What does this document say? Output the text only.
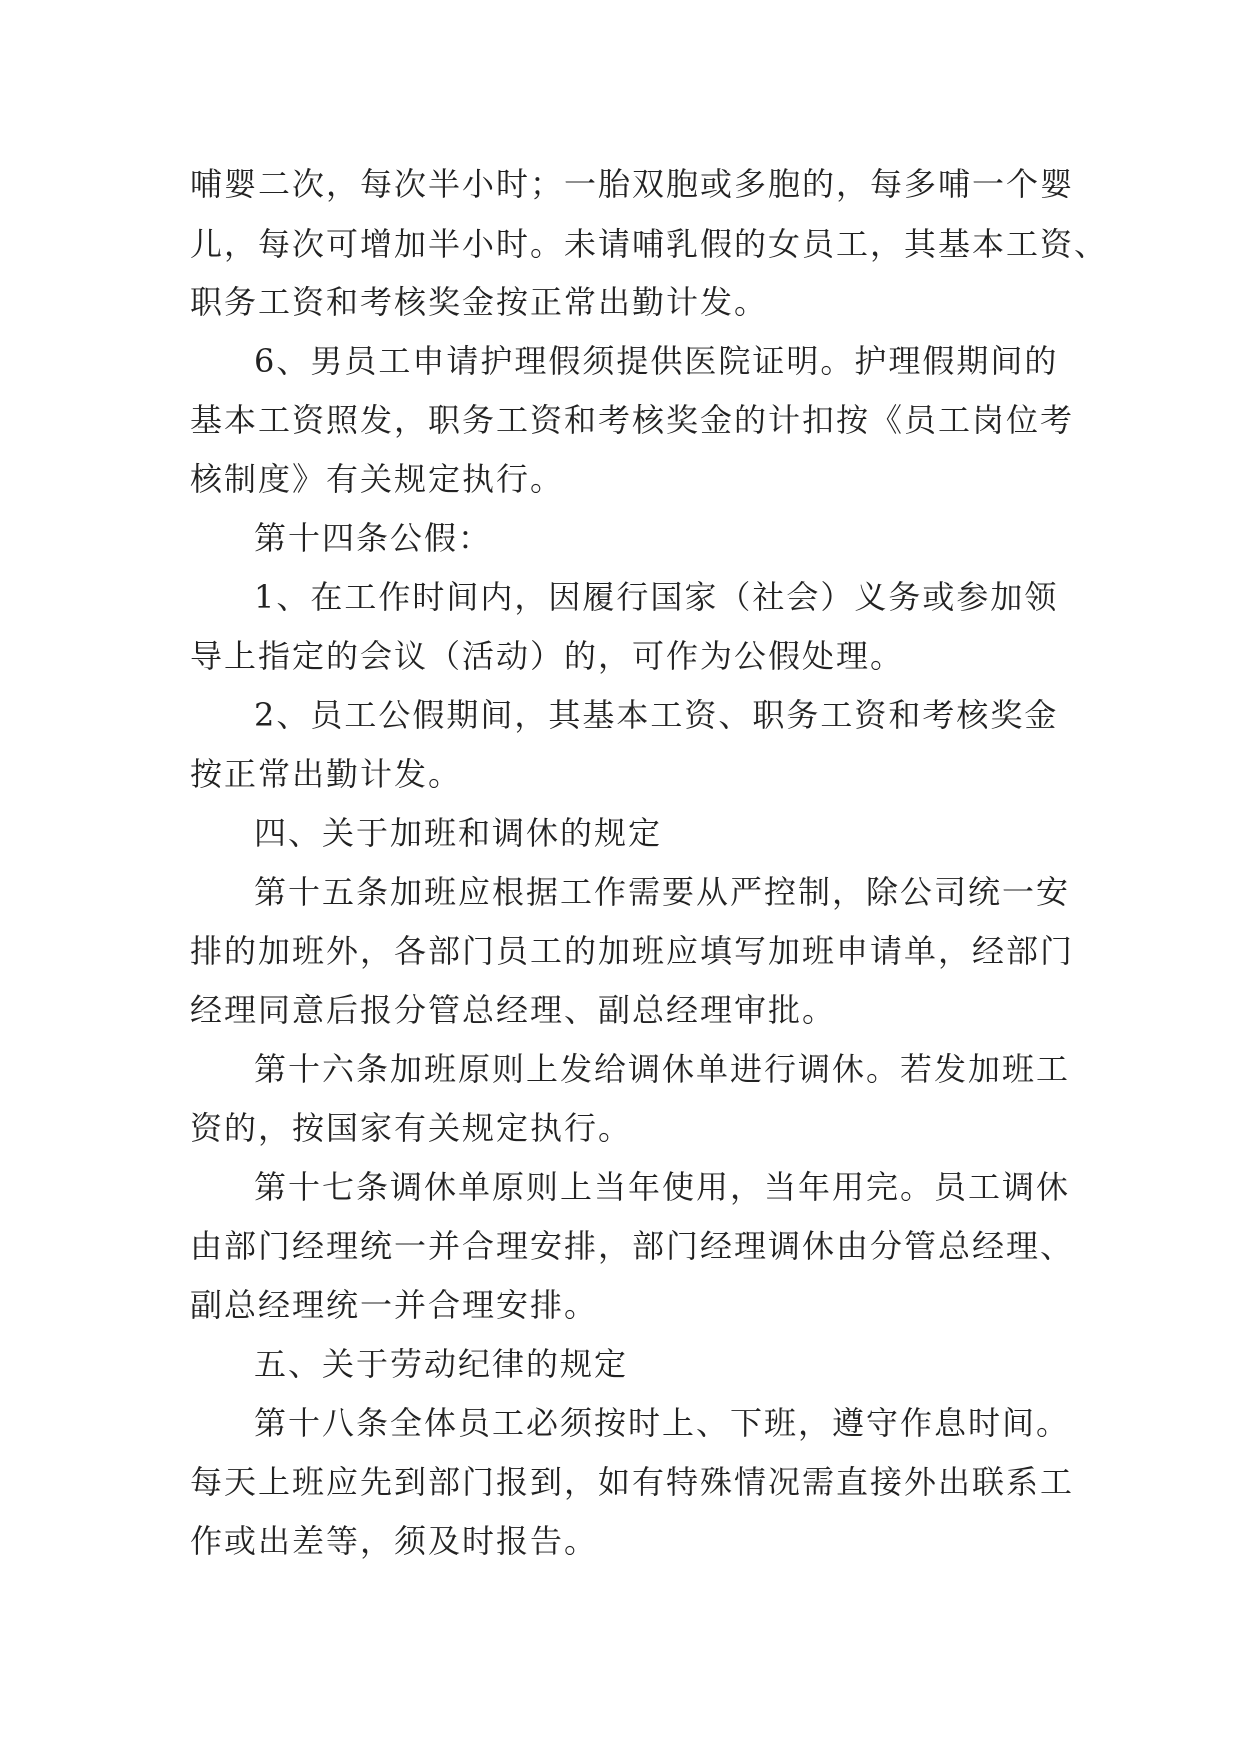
哺婴二次，每次半小时；一胎双胞或多胞的，每多哺一个婴
儿，每次可增加半小时。未请哺乳假的女员工，其基本工资、
职务工资和考核奖金按正常出勤计发。
6、男员工申请护理假须提供医院证明。护理假期间的
基本工资照发，职务工资和考核奖金的计扣按《员工岗位考
核制度》有关规定执行。
第十四条公假：
1、在工作时间内，因履行国家（社会）义务或参加领
导上指定的会议（活动）的，可作为公假处理。
2、员工公假期间，其基本工资、职务工资和考核奖金
按正常出勤计发。
四、关于加班和调休的规定
第十五条加班应根据工作需要从严控制，除公司统一安
排的加班外，各部门员工的加班应填写加班申请单，经部门
经理同意后报分管总经理、副总经理审批。
第十六条加班原则上发给调休单进行调休。若发加班工
资的，按国家有关规定执行。
第十七条调休单原则上当年使用，当年用完。员工调休
由部门经理统一并合理安排，部门经理调休由分管总经理、
副总经理统一并合理安排。
五、关于劳动纪律的规定
第十八条全体员工必须按时上、下班，遵守作息时间。
每天上班应先到部门报到，如有特殊情况需直接外出联系工
作或出差等，须及时报告。
